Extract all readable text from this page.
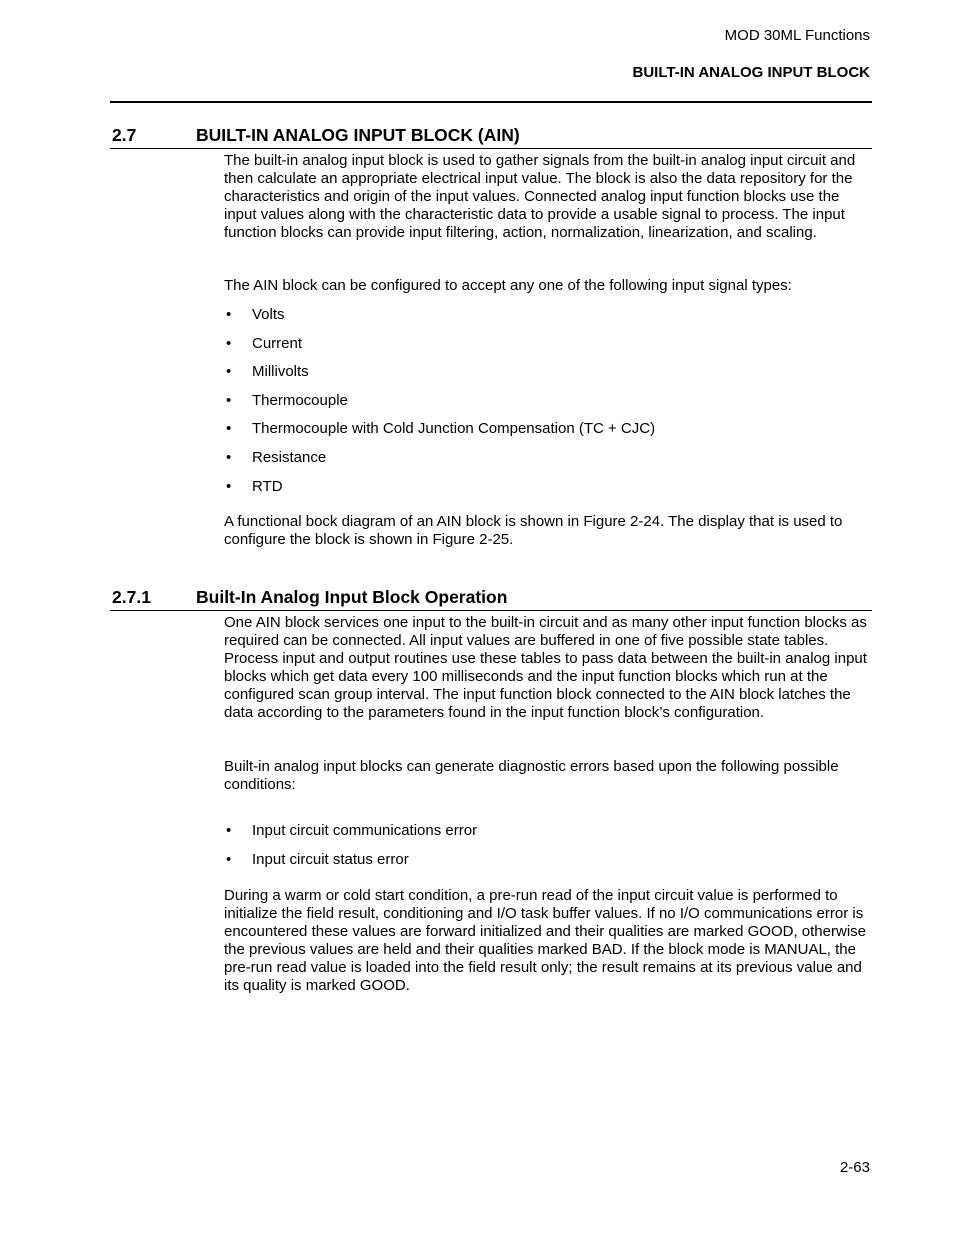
MOD 30ML Functions
BUILT-IN ANALOG INPUT BLOCK
2.7	BUILT-IN ANALOG INPUT BLOCK (AIN)

The built-in analog input block is used to gather signals from the built-in analog input circuit and then calculate an appropriate electrical input value. The block is also the data repository for the characteristics and origin of the input values. Connected analog input function blocks use the input values along with the characteristic data to provide a usable signal to process. The input function blocks can provide input filtering, action, normalization, linearization, and scaling.

The AIN block can be configured to accept any one of the following input signal types:

• Volts
• Current
• Millivolts
• Thermocouple
• Thermocouple with Cold Junction Compensation (TC + CJC)
• Resistance
• RTD

A functional bock diagram of an AIN block is shown in Figure 2-24. The display that is used to configure the block is shown in Figure 2-25.

2.7.1	Built-In Analog Input Block Operation

One AIN block services one input to the built-in circuit and as many other input function blocks as required can be connected. All input values are buffered in one of five possible state tables. Process input and output routines use these tables to pass data between the built-in analog input blocks which get data every 100 milliseconds and the input function blocks which run at the configured scan group interval. The input function block connected to the AIN block latches the data according to the parameters found in the input function block’s configuration.

Built-in analog input blocks can generate diagnostic errors based upon the following possible conditions:

• Input circuit communications error
• Input circuit status error

During a warm or cold start condition, a pre-run read of the input circuit value is performed to initialize the field result, conditioning and I/O task buffer values. If no I/O communications error is encountered these values are forward initialized and their qualities are marked GOOD, otherwise the previous values are held and their qualities marked BAD. If the block mode is MANUAL, the pre-run read value is loaded into the field result only; the result remains at its previous value and its quality is marked GOOD.

2-63
